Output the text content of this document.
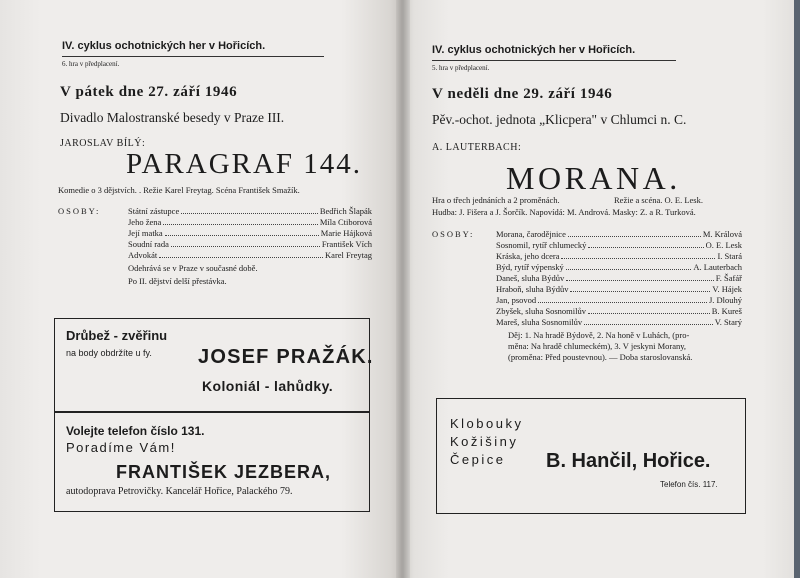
IV. cyklus ochotnických her v Hořicích.
6. hra v předplacení.
V pátek dne 27. září 1946
Divadlo Malostranské besedy v Praze III.
JAROSLAV BÍLÝ:
PARAGRAF 144.
Komedie o 3 dějstvích. . Režie Karel Freytag. Scéna František Smažík.
OSOBY:	Státní zástupce	Bedřich Šlapák
Jeho žena	Míla Ctiborová
Její matka	Marie Hájková
Soudní rada	František Vích
Advokát	Karel Freytag
Odehrává se v Praze v současné době.
Po II. dějství delší přestávka.
Drůbež - zvěřinu
na body obdržíte u fy. JOSEF PRAŽÁK.
Koloniál - lahůdky.
Volejte telefon číslo 131.
Poradíme Vám!
FRANTIŠEK JEZBERA,
autodoprava Petrovičky. Kancelář Hořice, Palackého 79.
IV. cyklus ochotnických her v Hořicích.
5. hra v předplacení.
V neděli dne 29. září 1946
Pěv.-ochot. jednota „Klicpera" v Chlumci n. C.
A. LAUTERBACH:
MORANA.
Hra o třech jednáních a 2 proměnách.	Režie a scéna. O. E. Lesk.
Hudba: J. Fišera a J. Šorčík. Napovídá: M. Andrová. Masky: Z. a R. Turková.
OSOBY:	Morana, čarodějnice	M. Králová
Sosnomil, rytíř chlumecký	O. E. Lesk
Kráska, jeho dcera	I. Stará
Býd, rytíř výpenský	A. Lauterbach
Daneš, sluha Býdův	F. Šafář
Hraboň, sluha Býdův	V. Hájek
Jan, psovod	J. Dlouhý
Zbyšek, sluha Sosnomilův	B. Kureš
Mareš, sluha Sosnomilův	V. Starý
Děj: 1. Na hradě Býdově, 2. Na honě v Luhách, (pro-
měna: Na hradě chlumeckém), 3. V jeskyni Morany,
(proměna: Před poustevnou). — Doba staroslovanská.
Klobouky
Kožišiny
Čepice B. Hančil, Hořice.
Telefon čís. 117.
